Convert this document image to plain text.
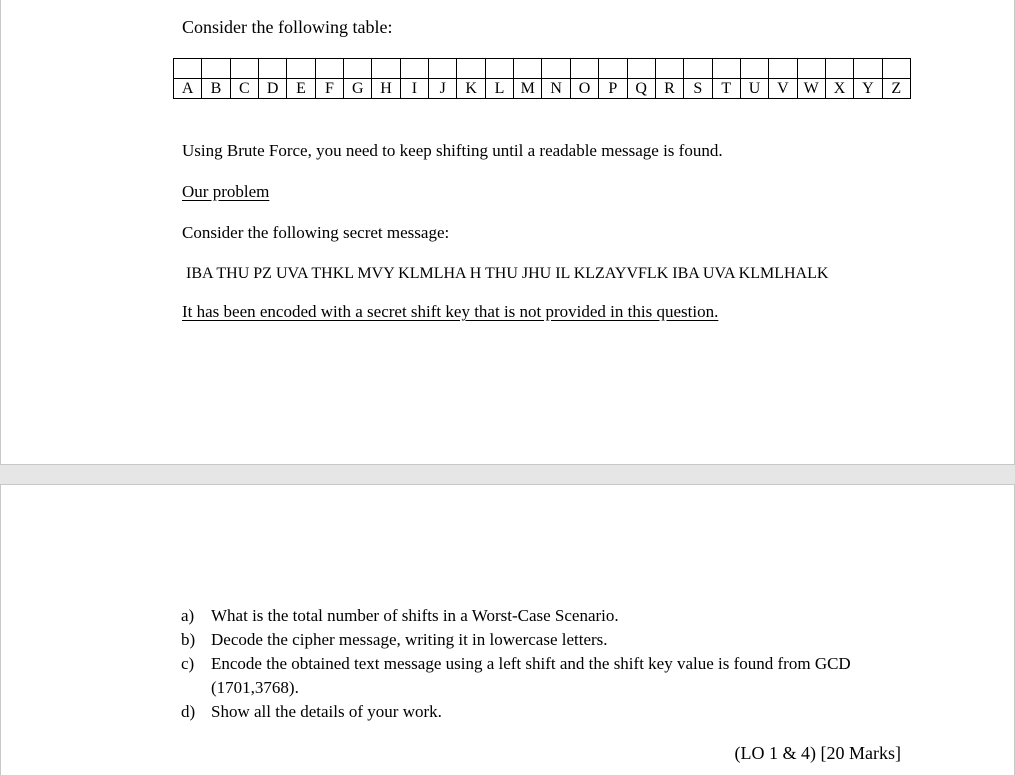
Consider the following table:

A	B	C	D	E	F	G	H	I	J	K	L	M	N	O	P	Q	R	S	T	U	V	W	X	Y	Z
Using Brute Force, you need to keep shifting until a readable message is found.
Our problem
Consider the following secret message:
IBA THU PZ UVA THKL MVY KLMLHA H THU JHU IL KLZAYVFLK IBA UVA KLMLHALK
It has been encoded with a secret shift key that is not provided in this question.
a) What is the total number of shifts in a Worst-Case Scenario.
b) Decode the cipher message, writing it in lowercase letters.
c) Encode the obtained text message using a left shift and the shift key value is found from GCD (1701,3768).
d) Show all the details of your work.
(LO 1 & 4) [20 Marks]
